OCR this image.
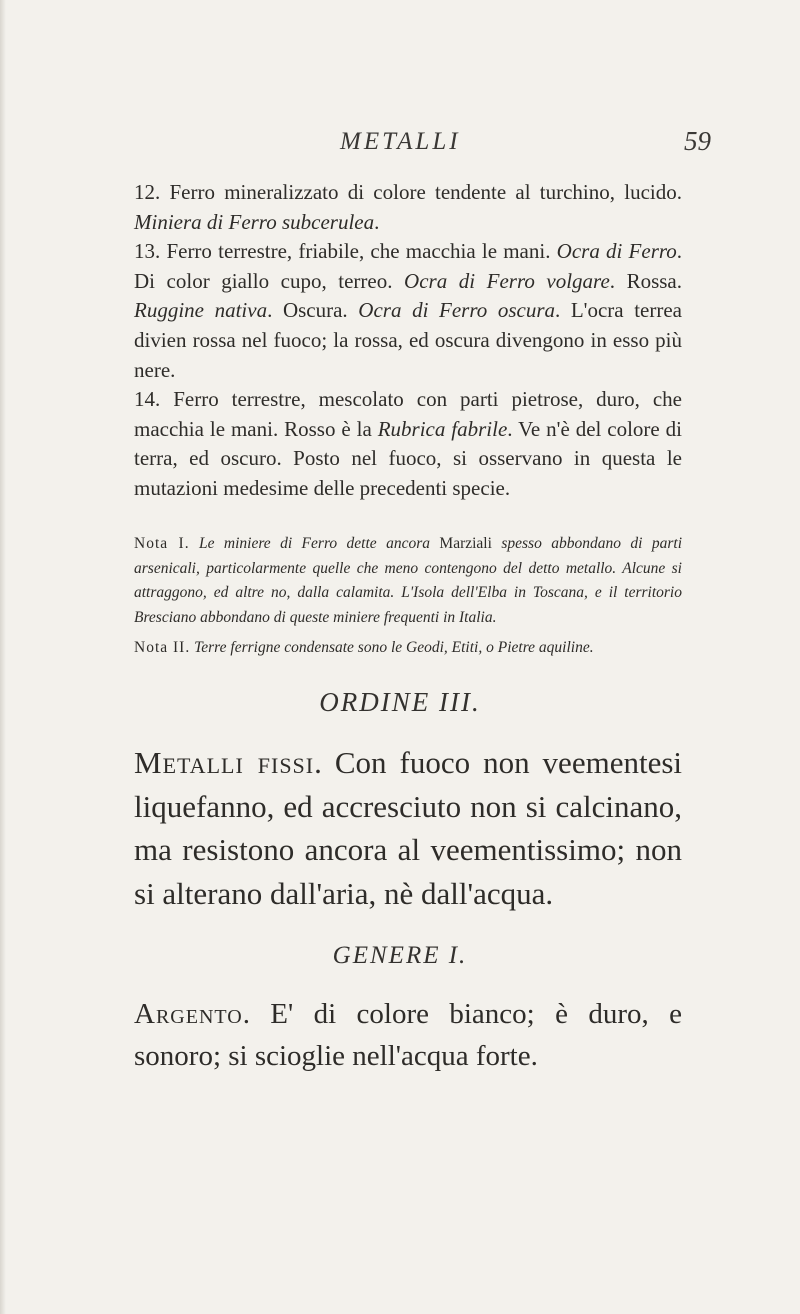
METALLI	59

12. Ferro mineralizzato di colore tendente al turchino, lucido. Miniera di Ferro subcerulea.

13. Ferro terrestre, friabile, che macchia le mani. Ocra di Ferro. Di color giallo cupo, terreo. Ocra di Ferro volgare. Rossa. Ruggine nativa. Oscura. Ocra di Ferro oscura. L'ocra terrea divien rossa nel fuoco; la rossa, ed oscura divengono in esso più nere.

14. Ferro terrestre, mescolato con parti pietrose, duro, che macchia le mani. Rosso è la Rubrica fabrile. Ve n'è del colore di terra, ed oscuro. Posto nel fuoco, si osservano in questa le mutazioni medesime delle precedenti specie.

Nota I. Le miniere di Ferro dette ancora Marziali spesso abbondano di parti arsenicali, particolarmente quelle che meno contengono del detto metallo. Alcune si attraggono, ed altre no, dalla calamita. L'Isola dell'Elba in Toscana, e il territorio Bresciano abbondano di queste miniere frequenti in Italia.

Nota II. Terre ferrigne condensate sono le Geodi, Etiti, o Pietre aquiline.

ORDINE III.

Metalli fissi. Con fuoco non veementesi liquefanno, ed accresciuto non si calcinano, ma resistono ancora al veementissimo; non si alterano dall'aria, nè dall'acqua.

GENERE I.

Argento. E' di colore bianco; è duro, e sonoro; si scioglie nell'acqua forte.
